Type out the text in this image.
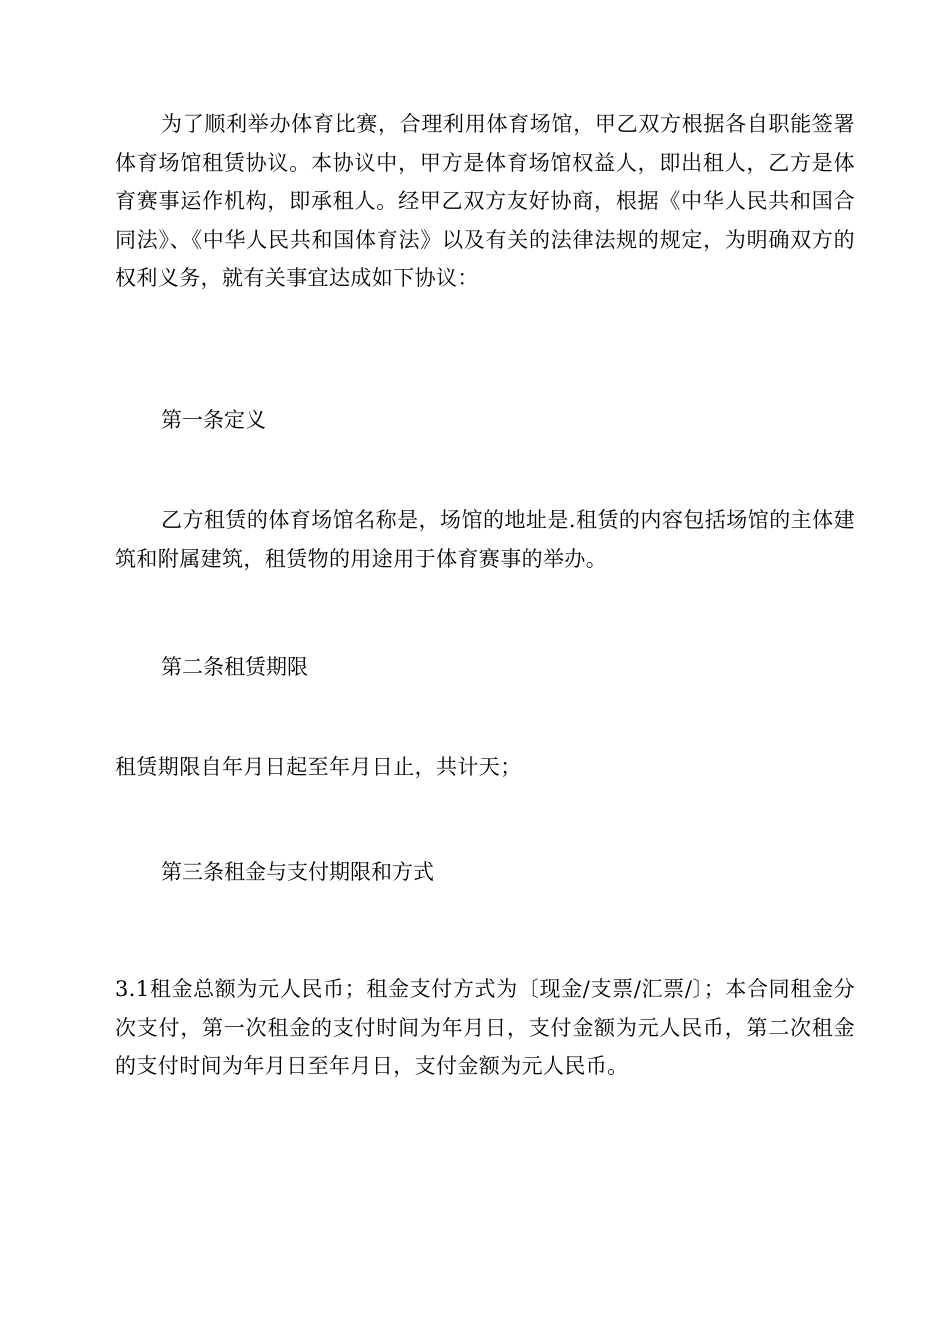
为了顺利举办体育比赛，合理利用体育场馆，甲乙双方根据各自职能签署体育场馆租赁协议。本协议中，甲方是体育场馆权益人，即出租人，乙方是体育赛事运作机构，即承租人。经甲乙双方友好协商，根据《中华人民共和国合同法》、《中华人民共和国体育法》以及有关的法律法规的规定，为明确双方的权利义务，就有关事宜达成如下协议：

第一条定义

乙方租赁的体育场馆名称是，场馆的地址是.租赁的内容包括场馆的主体建筑和附属建筑，租赁物的用途用于体育赛事的举办。

第二条租赁期限

租赁期限自年月日起至年月日止，共计天；

第三条租金与支付期限和方式

3.1租金总额为元人民币；租金支付方式为〔现金/支票/汇票/〕；本合同租金分次支付，第一次租金的支付时间为年月日，支付金额为元人民币，第二次租金的支付时间为年月日至年月日，支付金额为元人民币。
